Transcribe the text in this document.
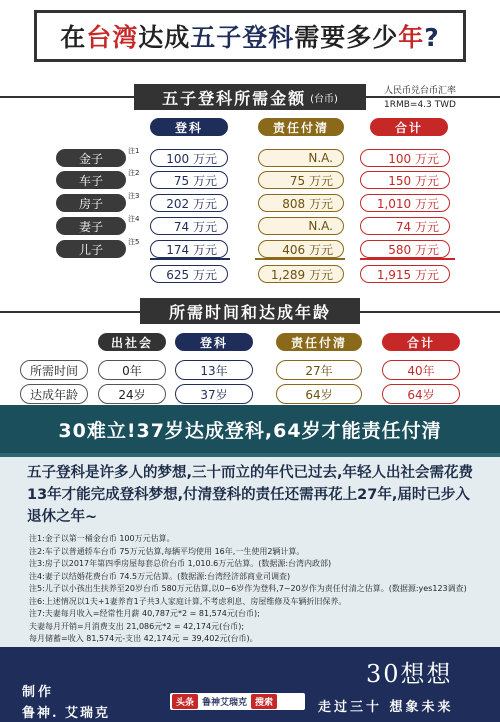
在台湾达成五子登科需要多少年?
五子登科所需金额 (台币)
人民币兑台币汇率
1RMB=4.3 TWD
登科	责任付清	合计
金子
注1
100 万元	N.A.	100 万元
车子
注2
75 万元	75 万元	150 万元
房子
注3
202 万元	808 万元	1,010 万元
妻子
注4
74 万元	N.A.	74 万元
儿子
注5
174 万元	406 万元	580 万元
625 万元	1,289 万元	1,915 万元
所需时间和达成年龄
出社会	登科	责任付清	合计
所需时间	0年	13年	27年	40年
达成年龄	24岁	37岁	64岁	64岁
30难立!37岁达成登科,64岁才能责任付清
五子登科是许多人的梦想,三十而立的年代已过去,年轻人出社会需花费13年才能完成登科梦想,付清登科的责任还需再花上27年,届时已步入退休之年~
注1:金子以第一桶金台币 100万元估算。
注2:车子以普通轿车台币 75万元估算,每辆平均使用 16年,一生使用2辆计算。
注3:房子以2017年第四季房屋每套总价台币 1,010.6万元估算。(数据源:台湾内政部)
注4:妻子以结婚花费台币 74.5万元估算。(数据源:台湾经济部商业司调查)
注5:儿子以小孩出生扶养至20岁台币 580万元估算,以0~6岁作为登科,7~20岁作为责任付清之估算。(数据源:yes123调查)
注6:上述情况以1夫+1妻养育1子共3人家庭计算,不考虑利息、房屋维修及车辆折旧保养。
注7:夫妻每月收入=经常性月薪 40,787元*2 = 81,574元(台币);
夫妻每月开销=月消费支出 21,086元*2 = 42,174元(台币);
每月储蓄=收入 81,574元-支出 42,174元 = 39,402元(台币)。
制作
鲁神. 艾瑞克
头条 鲁神艾瑞克 搜索
30想想
走过三十 想象未来
